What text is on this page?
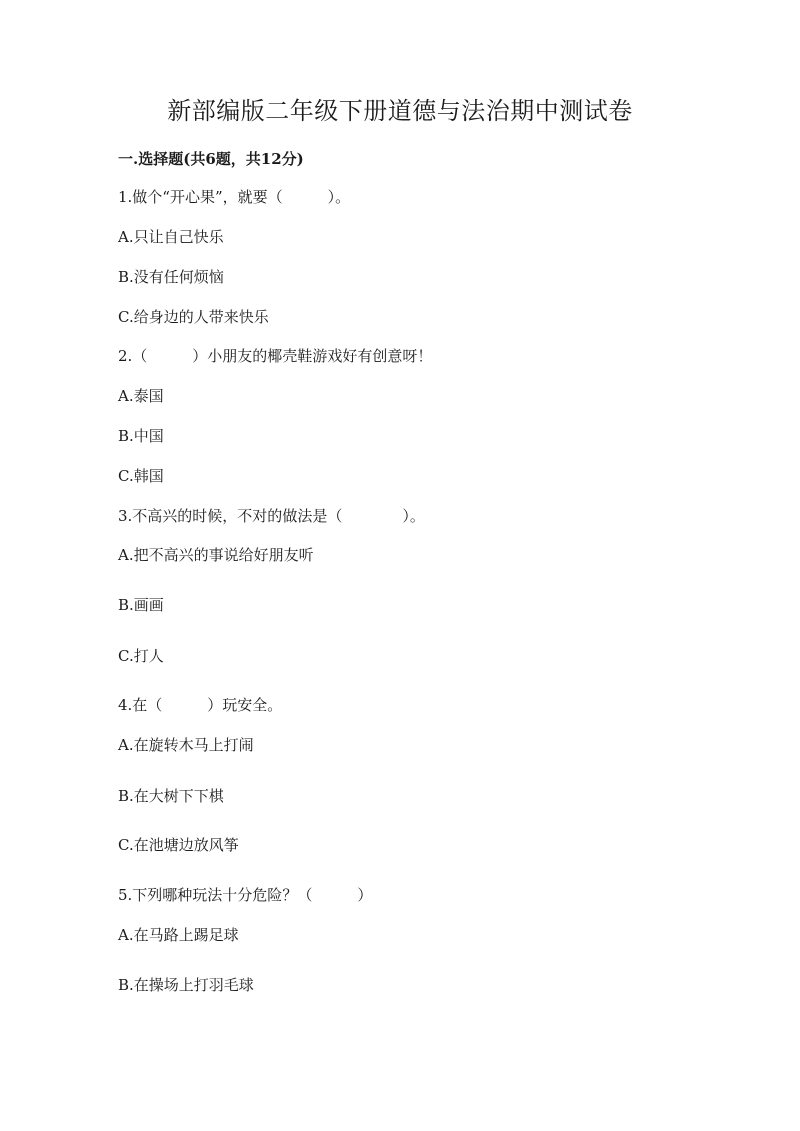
新部编版二年级下册道德与法治期中测试卷
一.选择题(共6题，共12分)

1.做个“开心果”，就要（　　　）。

A.只让自己快乐

B.没有任何烦恼

C.给身边的人带来快乐

2.（　　　）小朋友的椰壳鞋游戏好有创意呀！

A.泰国

B.中国

C.韩国

3.不高兴的时候，不对的做法是（　　　　）。

A.把不高兴的事说给好朋友听

B.画画

C.打人

4.在（　　　）玩安全。

A.在旋转木马上打闹

B.在大树下下棋

C.在池塘边放风筝

5.下列哪种玩法十分危险？（　　　）

A.在马路上踢足球

B.在操场上打羽毛球
